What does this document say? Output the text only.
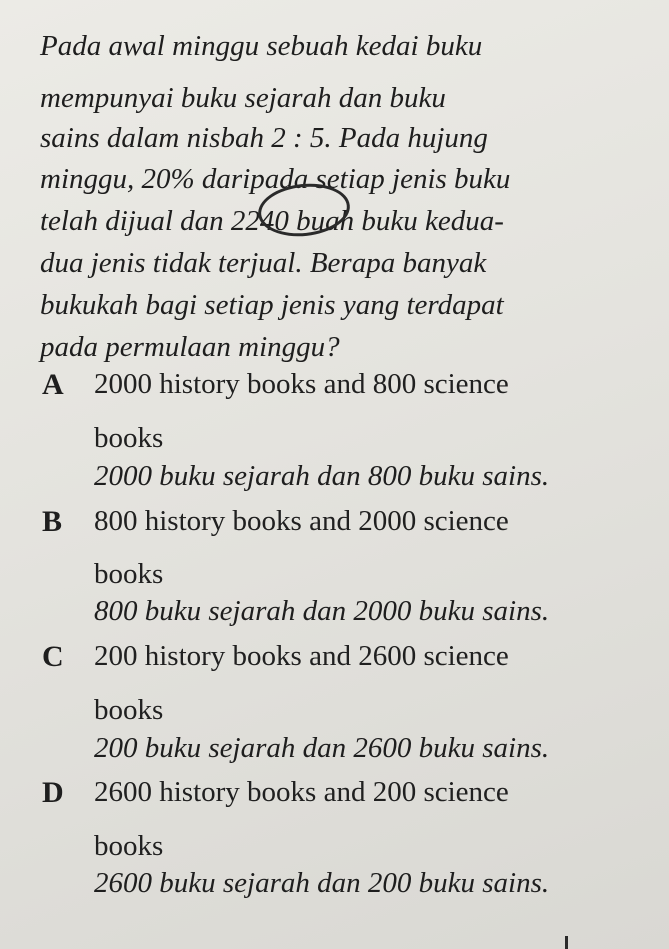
Pada awal minggu sebuah kedai buku
mempunyai buku sejarah dan buku
sains dalam nisbah 2 : 5. Pada hujung
minggu, 20% daripada setiap jenis buku
telah dijual dan 2240 buah buku kedua-
dua jenis tidak terjual. Berapa banyak
bukukah bagi setiap jenis yang terdapat
pada permulaan minggu?
A 2000 history books and 800 science
books
2000 buku sejarah dan 800 buku sains.
B 800 history books and 2000 science
books
800 buku sejarah dan 2000 buku sains.
C 200 history books and 2600 science
books
200 buku sejarah dan 2600 buku sains.
D 2600 history books and 200 science
books
2600 buku sejarah dan 200 buku sains.
